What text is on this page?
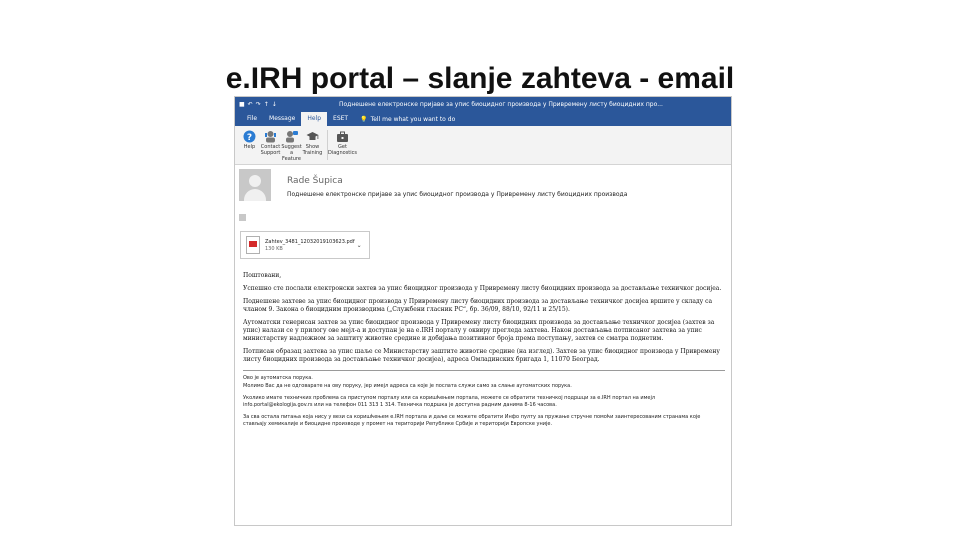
e.IRH portal – slanje zahteva - email
■↶↷↑↓	Поднешене електронске пријаве за упис биоцидног производа у Привремену листу биоцидних про...
File	Message	Help	ESET	💡 Tell me what you want to do
?
Help Contact Support
Suggest a Feature
Show Training
Get Diagnostics
Rade Šupica
Поднешене електронске пријаве за упис биоцидног производа у Привремену листу биоцидних производа
Zahtev_3481_12032019103623.pdf
130 KB	⌄

Поштовани,

Успешно сте послали електронски захтев за упис биоцидног производа у Привремену листу биоцидних производа за достављање техничког досијеа.

Поднешене захтеве за упис биоцидног производа у Привремену листу биоцидних производа за достављање техничког досијеа вршите у складу са чланом 9. Закона о биоцидним производима („Службени гласник РС“, бр. 36/09, 88/10, 92/11 и 25/15).

Аутоматски генерисан захтев за упис биоцидног производа у Привремену листу биоцидних производа за достављање техничког досијеа (захтев за упис) налази се у прилогу ове мејл-а и доступан је на е.IRH порталу у оквиру прегледа захтева. Након достављања потписаног захтева за упис министарству надлежном за заштиту животне средине и добијања позитивног броја према поступању, захтев се сматра поднетим.

Потписан образац захтева за упис шаље се Министарству заштите животне средине (на изглед). Захтев за упис биоцидног производа у Привремену листу биоцидних производа за достављање техничког досијеа), адреса Омладинских бригада 1, 11070 Београд.

Ово је аутоматска порука.

Молимо Вас да не одговарате на ову поруку, јер имејл адреса са које је послата служи само за слање аутоматских порука.

Уколико имате техничких проблема са приступом порталу или са коришћењем портала, можете се обратити техничкој подршци за е.IRH портал на имејл info.portal@ekologija.gov.rs или на телефон 011 313 1 314. Техничка подршка је доступна радним данима 8-16 часова.

За сва остала питања која нису у вези са коришћењем е.IRH портала и даље се можете обратити Инфо пулту за пружање стручне помоћи заинтересованим странама које стављају хемикалије и биоцидне производе у промет на територији Републике Србије и територији Европске уније.
